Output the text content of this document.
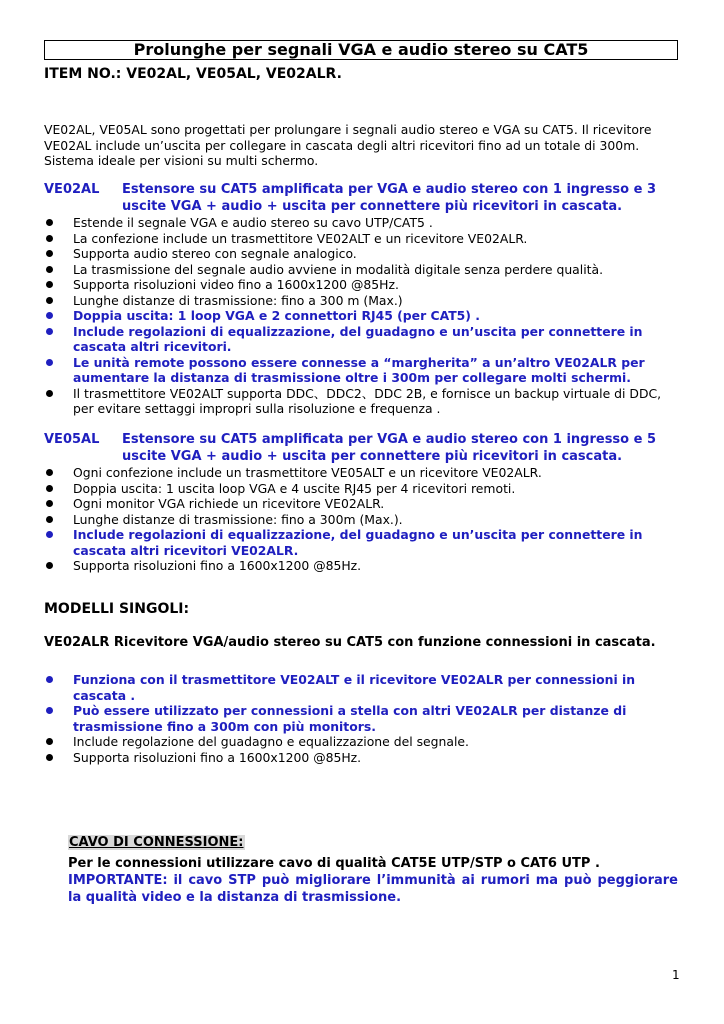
Prolunghe per segnali VGA e audio stereo su CAT5
ITEM NO.: VE02AL, VE05AL, VE02ALR.
VE02AL, VE05AL sono progettati per prolungare i segnali audio stereo e VGA su CAT5. Il ricevitore VE02AL include un’uscita per collegare in cascata degli altri ricevitori fino ad un totale di 300m. Sistema ideale per visioni su multi schermo.
VE02AL Estensore su CAT5 amplificata per VGA e audio stereo con 1 ingresso e 3 uscite VGA + audio + uscita per connettere più ricevitori in cascata.
Estende il segnale VGA e audio stereo su cavo UTP/CAT5 .
La confezione include un trasmettitore VE02ALT e un ricevitore VE02ALR.
Supporta audio stereo con segnale analogico.
La trasmissione del segnale audio avviene in modalità digitale senza perdere qualità.
Supporta risoluzioni video fino a 1600x1200 @85Hz.
Lunghe distanze di trasmissione: fino a 300 m (Max.)
Doppia uscita: 1 loop VGA e 2 connettori RJ45 (per CAT5) .
Include regolazioni di equalizzazione, del guadagno e un’uscita per connettere in cascata altri ricevitori.
Le unità remote possono essere connesse a “margherita” a un’altro VE02ALR per aumentare la distanza di trasmissione oltre i 300m per collegare molti schermi.
Il trasmettitore VE02ALT supporta DDC、DDC2、DDC 2B, e fornisce un backup virtuale di DDC, per evitare settaggi impropri sulla risoluzione e frequenza .
VE05AL Estensore su CAT5 amplificata per VGA e audio stereo con 1 ingresso e 5 uscite VGA + audio + uscita per connettere più ricevitori in cascata.
Ogni confezione include un trasmettitore VE05ALT e un ricevitore VE02ALR.
Doppia uscita: 1 uscita loop VGA e 4 uscite RJ45 per 4 ricevitori remoti.
Ogni monitor VGA richiede un ricevitore VE02ALR.
Lunghe distanze di trasmissione: fino a 300m (Max.).
Include regolazioni di equalizzazione, del guadagno e un’uscita per connettere in cascata altri ricevitori VE02ALR.
Supporta risoluzioni fino a 1600x1200 @85Hz.
MODELLI SINGOLI:
VE02ALR Ricevitore VGA/audio stereo su CAT5 con funzione connessioni in cascata.
Funziona con il trasmettitore VE02ALT e il ricevitore VE02ALR per connessioni in cascata .
Può essere utilizzato per connessioni a stella con altri VE02ALR per distanze di trasmissione fino a 300m con più monitors.
Include regolazione del guadagno e equalizzazione del segnale.
Supporta risoluzioni fino a 1600x1200 @85Hz.
CAVO DI CONNESSIONE:
Per le connessioni utilizzare cavo di qualità CAT5E UTP/STP o CAT6 UTP .
IMPORTANTE: il cavo STP può migliorare l’immunità ai rumori ma può peggiorare la qualità video e la distanza di trasmissione.
1
